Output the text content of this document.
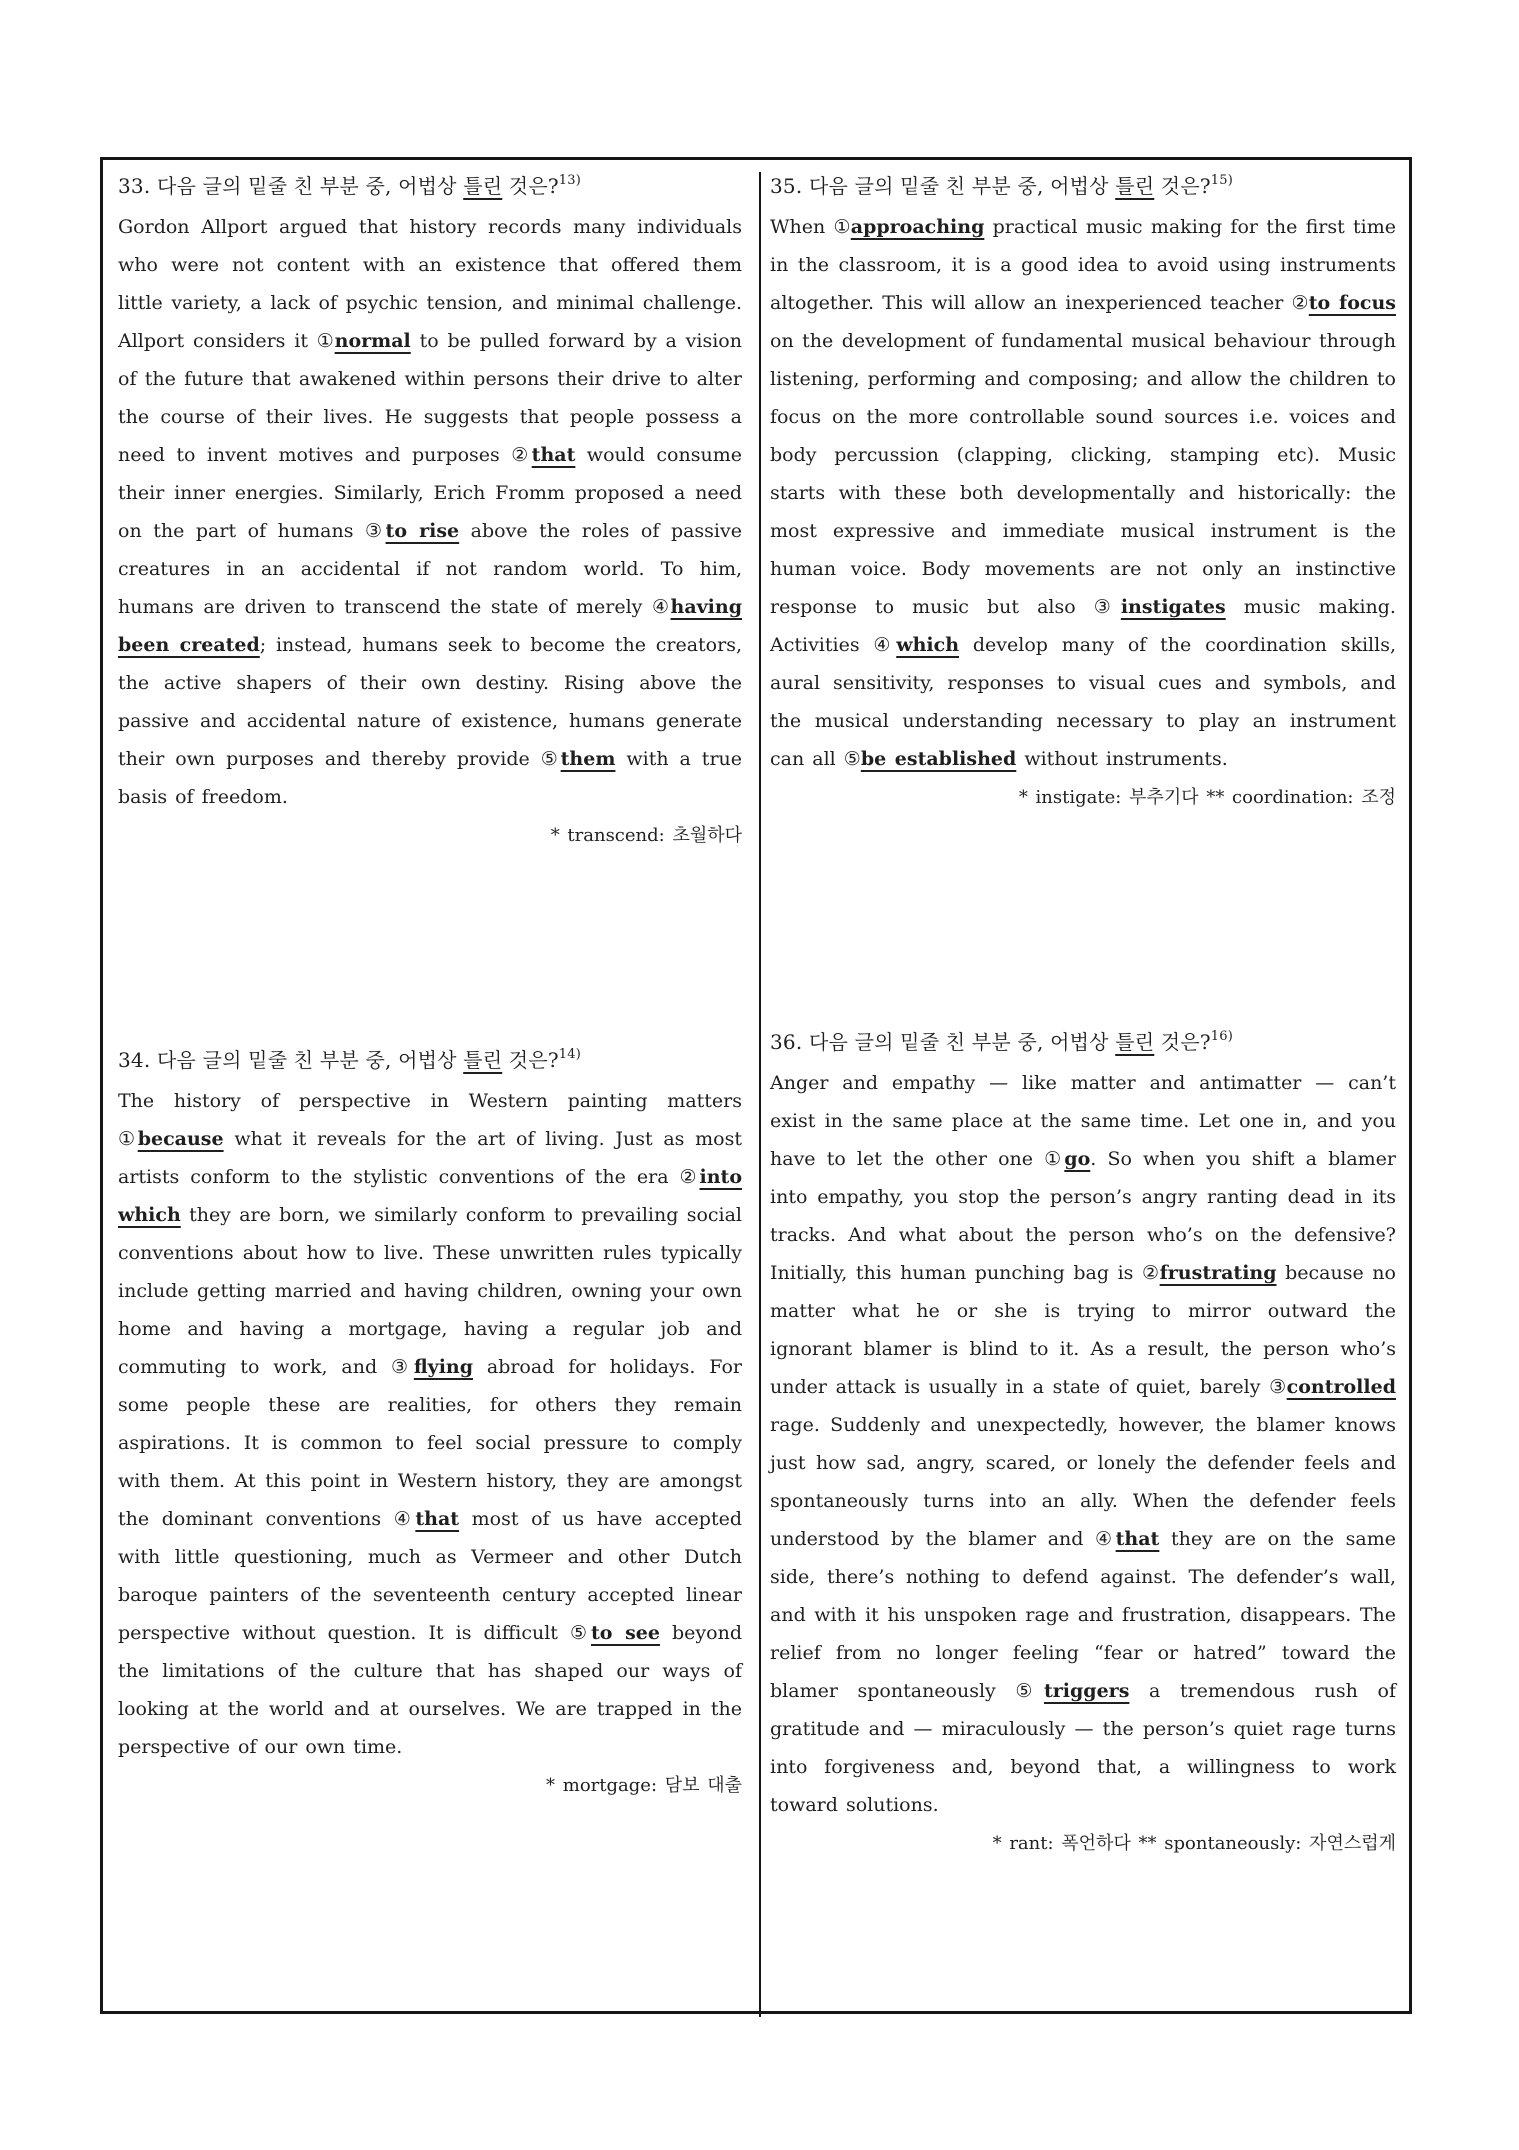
33. 다음 글의 밑줄 친 부분 중, 어법상 틀린 것은?$^{13)}$
Gordon Allport argued that history records many individuals who were not content with an existence that offered them little variety, a lack of psychic tension, and minimal challenge. Allport considers it ①normal to be pulled forward by a vision of the future that awakened within persons their drive to alter the course of their lives. He suggests that people possess a need to invent motives and purposes ②that would consume their inner energies. Similarly, Erich Fromm proposed a need on the part of humans ③to rise above the roles of passive creatures in an accidental if not random world. To him, humans are driven to transcend the state of merely ④having been created; instead, humans seek to become the creators, the active shapers of their own destiny. Rising above the passive and accidental nature of existence, humans generate their own purposes and thereby provide ⑤them with a true basis of freedom.
* transcend: 초월하다
34. 다음 글의 밑줄 친 부분 중, 어법상 틀린 것은?$^{14)}$
The history of perspective in Western painting matters ①because what it reveals for the art of living. Just as most artists conform to the stylistic conventions of the era ②into which they are born, we similarly conform to prevailing social conventions about how to live. These unwritten rules typically include getting married and having children, owning your own home and having a mortgage, having a regular job and commuting to work, and ③flying abroad for holidays. For some people these are realities, for others they remain aspirations. It is common to feel social pressure to comply with them. At this point in Western history, they are amongst the dominant conventions ④that most of us have accepted with little questioning, much as Vermeer and other Dutch baroque painters of the seventeenth century accepted linear perspective without question. It is difficult ⑤to see beyond the limitations of the culture that has shaped our ways of looking at the world and at ourselves. We are trapped in the perspective of our own time.
* mortgage: 담보 대출
35. 다음 글의 밑줄 친 부분 중, 어법상 틀린 것은?$^{15)}$
When ①approaching practical music making for the first time in the classroom, it is a good idea to avoid using instruments altogether. This will allow an inexperienced teacher ②to focus on the development of fundamental musical behaviour through listening, performing and composing; and allow the children to focus on the more controllable sound sources i.e. voices and body percussion (clapping, clicking, stamping etc). Music starts with these both developmentally and historically: the most expressive and immediate musical instrument is the human voice. Body movements are not only an instinctive response to music but also ③instigates music making. Activities ④which develop many of the coordination skills, aural sensitivity, responses to visual cues and symbols, and the musical understanding necessary to play an instrument can all ⑤be established without instruments.
* instigate: 부추기다 ** coordination: 조정
36. 다음 글의 밑줄 친 부분 중, 어법상 틀린 것은?$^{16)}$
Anger and empathy — like matter and antimatter — can’t exist in the same place at the same time. Let one in, and you have to let the other one ①go. So when you shift a blamer into empathy, you stop the person’s angry ranting dead in its tracks. And what about the person who’s on the defensive? Initially, this human punching bag is ②frustrating because no matter what he or she is trying to mirror outward the ignorant blamer is blind to it. As a result, the person who’s under attack is usually in a state of quiet, barely ③controlled rage. Suddenly and unexpectedly, however, the blamer knows just how sad, angry, scared, or lonely the defender feels and spontaneously turns into an ally. When the defender feels understood by the blamer and ④that they are on the same side, there’s nothing to defend against. The defender’s wall, and with it his unspoken rage and frustration, disappears. The relief from no longer feeling “fear or hatred” toward the blamer spontaneously ⑤triggers a tremendous rush of gratitude and — miraculously — the person’s quiet rage turns into forgiveness and, beyond that, a willingness to work toward solutions.
* rant: 폭언하다 ** spontaneously: 자연스럽게
